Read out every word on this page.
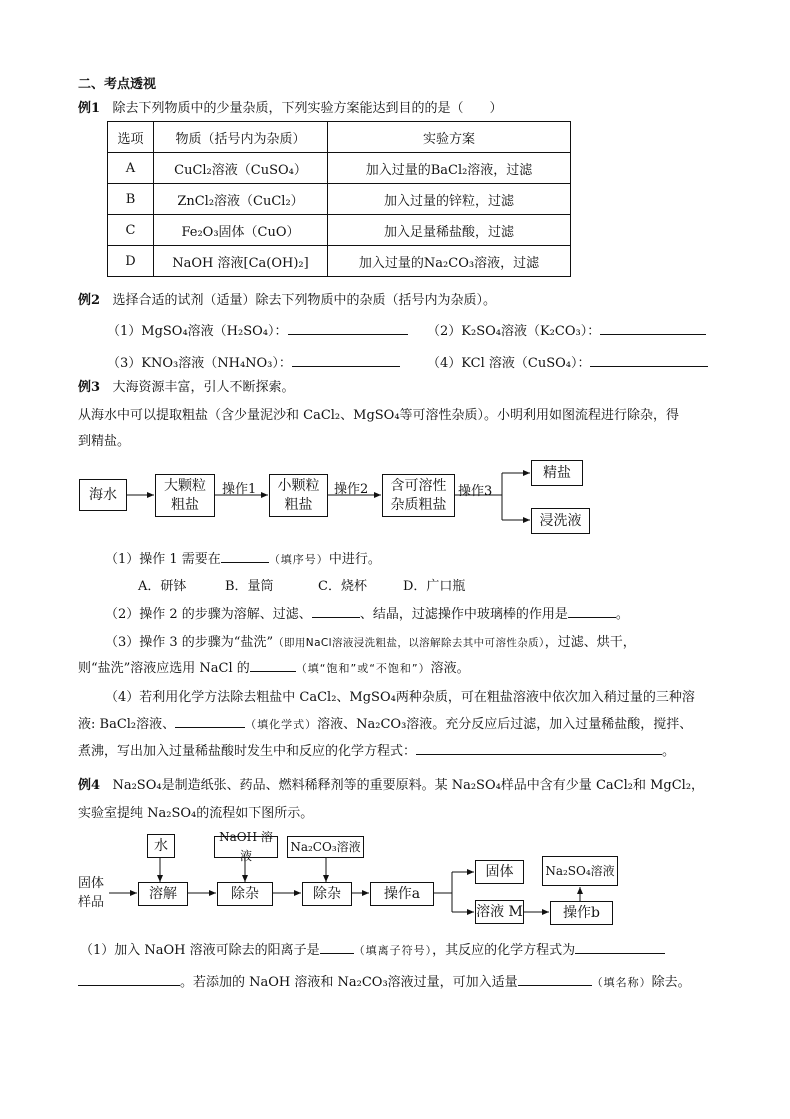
二、考点透视
例1 除去下列物质中的少量杂质，下列实验方案能达到目的的是（　　）
选项	物质（括号内为杂质）	实验方案
A	CuCl₂溶液（CuSO₄）	加入过量的BaCl₂溶液，过滤
B	ZnCl₂溶液（CuCl₂）	加入过量的锌粒，过滤
C	Fe₂O₃固体（CuO）	加入足量稀盐酸，过滤
D	NaOH 溶液[Ca(OH)₂]	加入过量的Na₂CO₃溶液，过滤
例2 选择合适的试剂（适量）除去下列物质中的杂质（括号内为杂质）。
（1）MgSO₄溶液（H₂SO₄）：	（2）K₂SO₄溶液（K₂CO₃）：
（3）KNO₃溶液（NH₄NO₃）：	（4）KCl 溶液（CuSO₄）：
例3 大海资源丰富，引人不断探索。
从海水中可以提取粗盐（含少量泥沙和 CaCl₂、MgSO₄等可溶性杂质）。小明利用如图流程进行除杂，得
到精盐。
海水
大颗粒
粗盐
操作1 小颗粒
粗盐
操作2 含可溶性
杂质粗盐
操作3
精盐
浸洗液
（1）操作 1 需要在	（填序号）中进行。
A．研钵	B．量筒	C．烧杯	D．广口瓶
（2）操作 2 的步骤为溶解、过滤、	、结晶，过滤操作中玻璃棒的作用是	。
（3）操作 3 的步骤为“盐洗”（即用NaCl溶液浸洗粗盐，以溶解除去其中可溶性杂质），过滤、烘干，
则“盐洗”溶液应选用 NaCl 的	（填“饱和”或“不饱和”）溶液。
（4）若利用化学方法除去粗盐中 CaCl₂、MgSO₄两种杂质，可在粗盐溶液中依次加入稍过量的三种溶
液: BaCl₂溶液、	（填化学式）溶液、Na₂CO₃溶液。充分反应后过滤，加入过量稀盐酸，搅拌、
煮沸，写出加入过量稀盐酸时发生中和反应的化学方程式：	。
例4 Na₂SO₄是制造纸张、药品、燃料稀释剂等的重要原料。某 Na₂SO₄样品中含有少量 CaCl₂和 MgCl₂，
实验室提纯 Na₂SO₄的流程如下图所示。
水
NaOH 溶液
Na₂CO₃溶液
固体
样品
溶解	除杂	除杂	操作a
固体
溶液 M
Na₂SO₄溶液
操作b
（1）加入 NaOH 溶液可除去的阳离子是	（填离子符号），其反应的化学方程式为
。若添加的 NaOH 溶液和 Na₂CO₃溶液过量，可加入适量	（填名称）除去。
